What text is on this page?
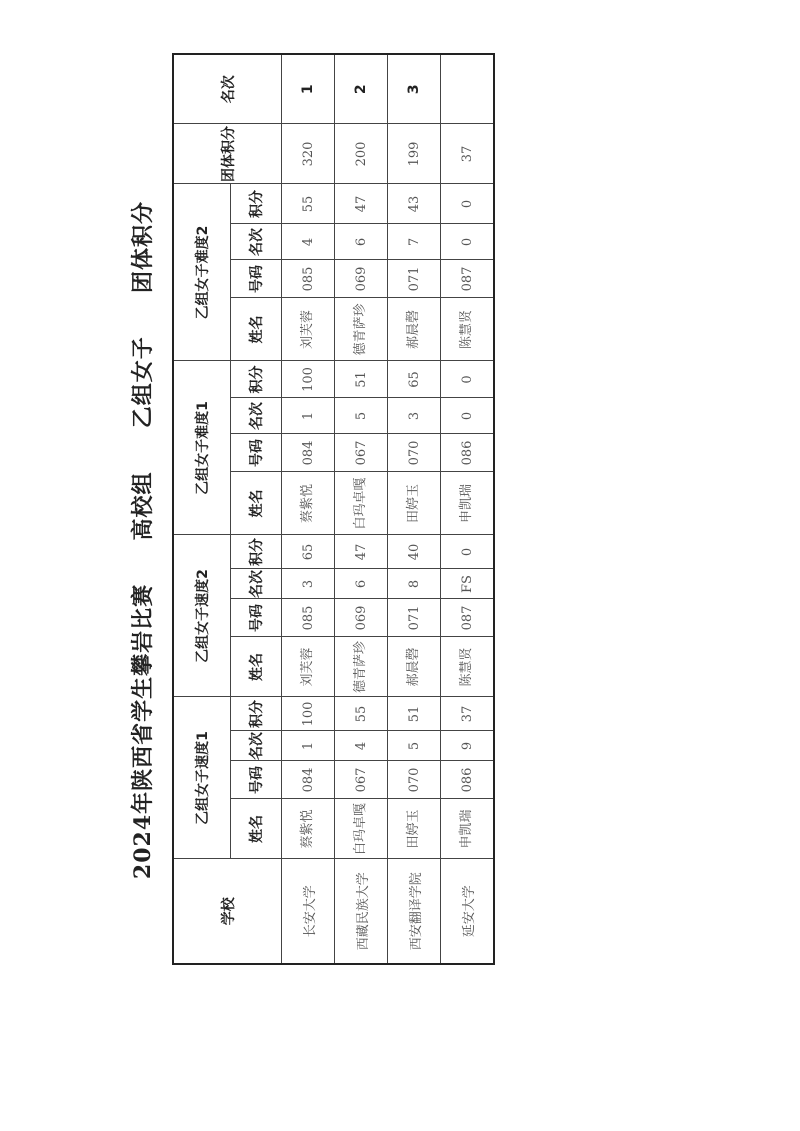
2024年陕西省学生攀岩比赛     高校组     乙组女子     团体积分
学校	乙组女子速度1				乙组女子速度2				乙组女子难度1				乙组女子难度2				团体积分	名次
	姓名	号码	名次	积分	姓名	号码	名次	积分	姓名	号码	名次	积分	姓名	号码	名次	积分		
长安大学	蔡紫悦	084	1	100	刘芙蓉	085	3	65	蔡紫悦	084	1	100	刘芙蓉	085	4	55	320	1
西藏民族大学	白玛卓嘎	067	4	55	德青萨珍	069	6	47	白玛卓嘎	067	5	51	德青萨珍	069	6	47	200	2
西安翻译学院	田婷玉	070	5	51	郝晨磬	071	8	40	田婷玉	070	3	65	郝晨磬	071	7	43	199	3
延安大学	申凯瑞	086	9	37	陈慧贤	087	FS	0	申凯瑞	086	0	0	陈慧贤	087	0	0	37	
